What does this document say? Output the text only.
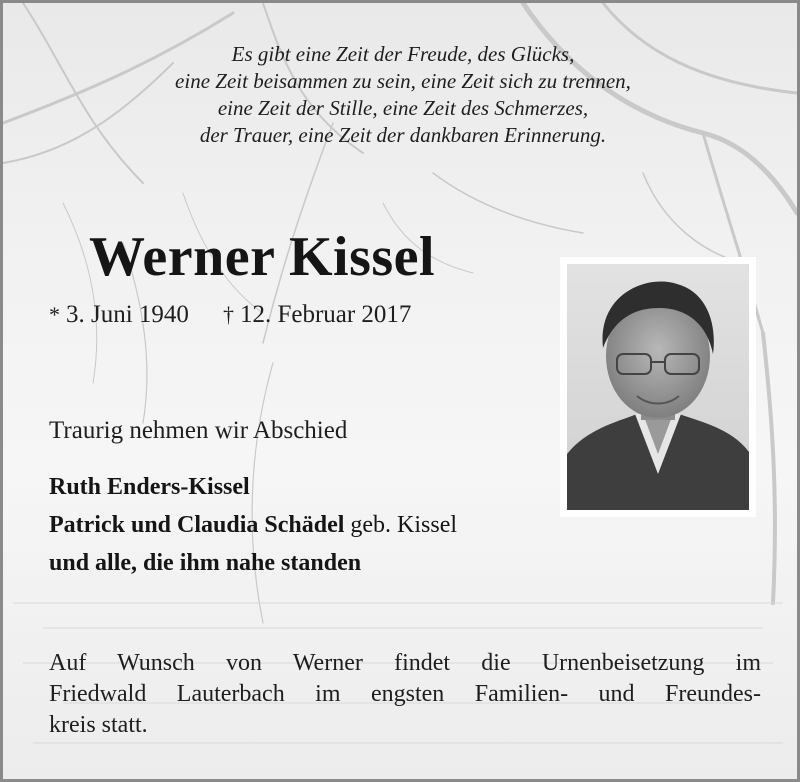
Es gibt eine Zeit der Freude, des Glücks,
eine Zeit beisammen zu sein, eine Zeit sich zu trennen,
eine Zeit der Stille, eine Zeit des Schmerzes,
der Trauer, eine Zeit der dankbaren Erinnerung.
Werner Kissel
* 3. Juni 1940 † 12. Februar 2017
Traurig nehmen wir Abschied
Ruth Enders-Kissel
Patrick und Claudia Schädel geb. Kissel
und alle, die ihm nahe standen
Auf Wunsch von Werner findet die Urnenbeisetzung im
Friedwald Lauterbach im engsten Familien- und Freundes-
kreis statt.
